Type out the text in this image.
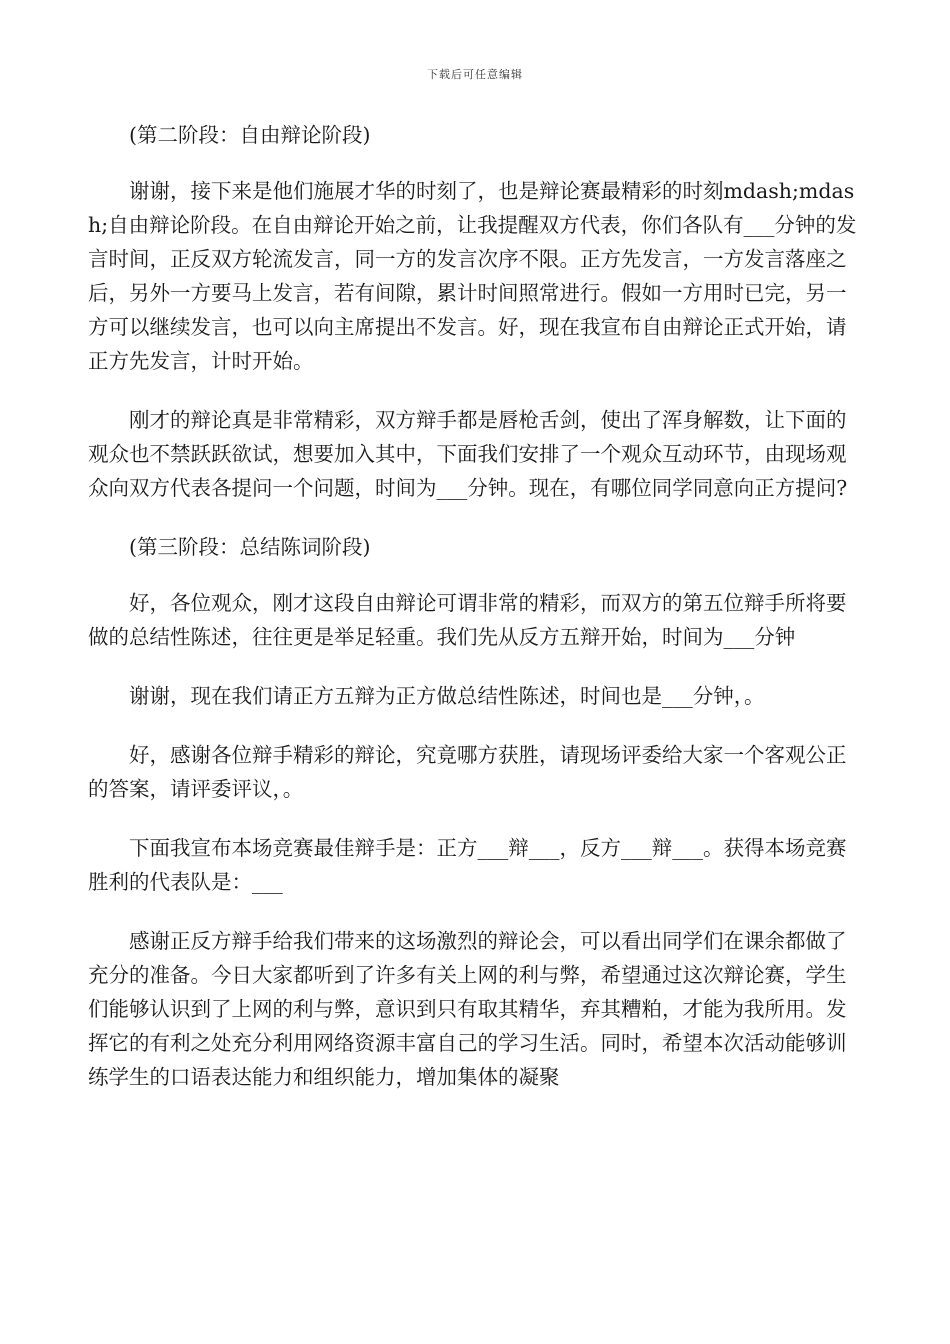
下载后可任意编辑

(第二阶段：自由辩论阶段)

谢谢，接下来是他们施展才华的时刻了，也是辩论赛最精彩的时刻mdash;mdash;自由辩论阶段。在自由辩论开始之前，让我提醒双方代表，你们各队有___分钟的发言时间，正反双方轮流发言，同一方的发言次序不限。正方先发言，一方发言落座之后，另外一方要马上发言，若有间隙，累计时间照常进行。假如一方用时已完，另一方可以继续发言，也可以向主席提出不发言。好，现在我宣布自由辩论正式开始，请正方先发言，计时开始。

刚才的辩论真是非常精彩，双方辩手都是唇枪舌剑，使出了浑身解数，让下面的观众也不禁跃跃欲试，想要加入其中，下面我们安排了一个观众互动环节，由现场观众向双方代表各提问一个问题，时间为___分钟。现在，有哪位同学同意向正方提问?

(第三阶段：总结陈词阶段)

好，各位观众，刚才这段自由辩论可谓非常的精彩，而双方的第五位辩手所将要做的总结性陈述，往往更是举足轻重。我们先从反方五辩开始，时间为___分钟

谢谢，现在我们请正方五辩为正方做总结性陈述，时间也是___分钟，。

好，感谢各位辩手精彩的辩论，究竟哪方获胜，请现场评委给大家一个客观公正的答案，请评委评议，。

下面我宣布本场竞赛最佳辩手是：正方___辩___，反方___辩___。获得本场竞赛胜利的代表队是：___

感谢正反方辩手给我们带来的这场激烈的辩论会，可以看出同学们在课余都做了充分的准备。今日大家都听到了许多有关上网的利与弊，希望通过这次辩论赛，学生们能够认识到了上网的利与弊，意识到只有取其精华，弃其糟粕，才能为我所用。发挥它的有利之处充分利用网络资源丰富自己的学习生活。同时，希望本次活动能够训练学生的口语表达能力和组织能力，增加集体的凝聚
